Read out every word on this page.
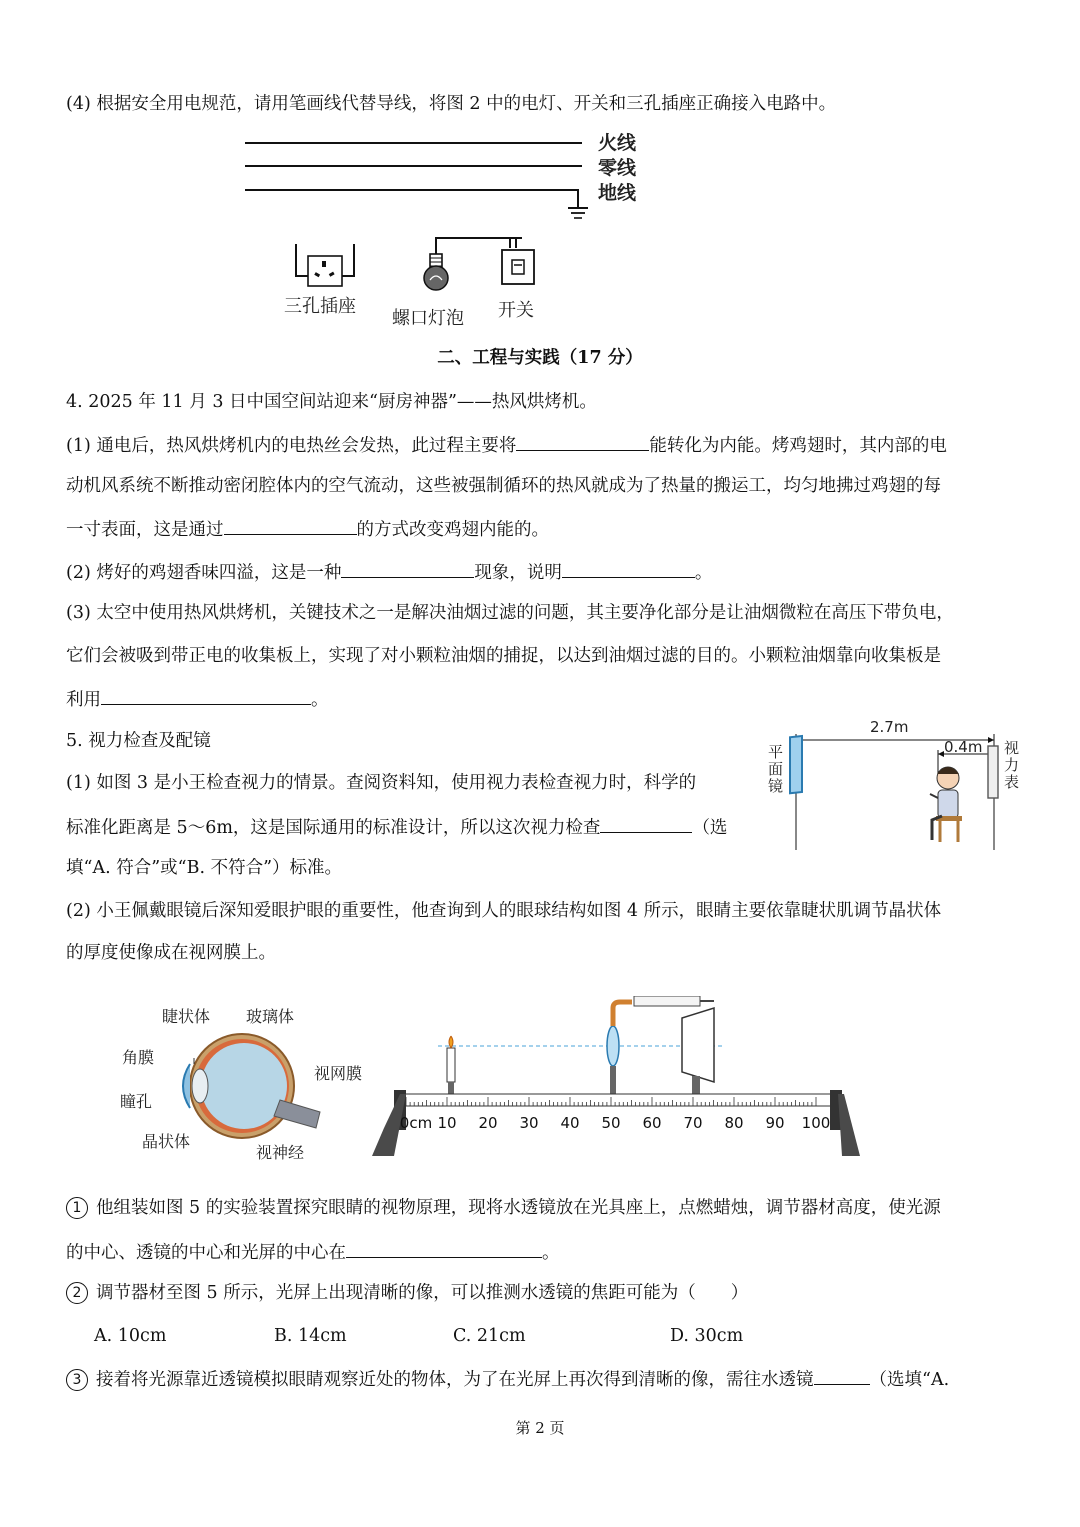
(4) 根据安全用电规范，请用笔画线代替导线，将图 2 中的电灯、开关和三孔插座正确接入电路中。
火线
零线
地线
三孔插座
螺口灯泡 开关
二、工程与实践（17 分）
4. 2025 年 11 月 3 日中国空间站迎来“厨房神器”——热风烘烤机。
(1) 通电后，热风烘烤机内的电热丝会发热，此过程主要将	能转化为内能。烤鸡翅时，其内部的电
动机风系统不断推动密闭腔体内的空气流动，这些被强制循环的热风就成为了热量的搬运工，均匀地拂过鸡翅的每
一寸表面，这是通过	的方式改变鸡翅内能的。
(2) 烤好的鸡翅香味四溢，这是一种	现象，说明	。
(3) 太空中使用热风烘烤机，关键技术之一是解决油烟过滤的问题，其主要净化部分是让油烟微粒在高压下带负电，
它们会被吸到带正电的收集板上，实现了对小颗粒油烟的捕捉，以达到油烟过滤的目的。小颗粒油烟靠向收集板是
利用	。
5. 视力检查及配镜
(1) 如图 3 是小王检查视力的情景。查阅资料知，使用视力表检查视力时，科学的
标准化距离是 5～6m，这是国际通用的标准设计，所以这次视力检查	（选
填“A. 符合”或“B. 不符合”）标准。
2.7m
0.4m
平
面
镜
视
力
表
(2) 小王佩戴眼镜后深知爱眼护眼的重要性，他查询到人的眼球结构如图 4 所示，眼睛主要依靠睫状肌调节晶状体
的厚度使像成在视网膜上。
睫状体 玻璃体
角膜
视网膜
瞳孔
晶状体
视神经
0cm 10 20 30 40 50 60 70 80 90 100
1 他组装如图 5 的实验装置探究眼睛的视物原理，现将水透镜放在光具座上，点燃蜡烛，调节器材高度，使光源
的中心、透镜的中心和光屏的中心在	。
2 调节器材至图 5 所示，光屏上出现清晰的像，可以推测水透镜的焦距可能为（　　）
A. 10cm	B. 14cm	C. 21cm	D. 30cm
3 接着将光源靠近透镜模拟眼睛观察近处的物体，为了在光屏上再次得到清晰的像，需往水透镜	（选填“A.
第 2 页
